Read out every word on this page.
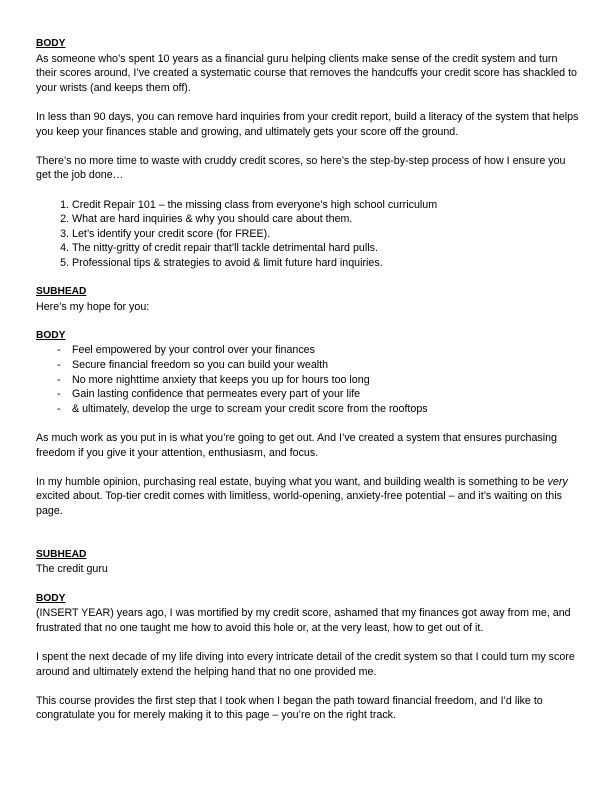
BODY

As someone who’s spent 10 years as a financial guru helping clients make sense of the credit system and turn their scores around, I’ve created a systematic course that removes the handcuffs your credit score has shackled to your wrists (and keeps them off).

In less than 90 days, you can remove hard inquiries from your credit report, build a literacy of the system that helps you keep your finances stable and growing, and ultimately gets your score off the ground.

There’s no more time to waste with cruddy credit scores, so here’s the step-by-step process of how I ensure you get the job done…

1. Credit Repair 101 – the missing class from everyone’s high school curriculum
2. What are hard inquiries & why you should care about them.
3. Let’s identify your credit score (for FREE).
4. The nitty-gritty of credit repair that’ll tackle detrimental hard pulls.
5. Professional tips & strategies to avoid & limit future hard inquiries.
SUBHEAD

Here’s my hope for you:

BODY
- Feel empowered by your control over your finances
- Secure financial freedom so you can build your wealth
- No more nighttime anxiety that keeps you up for hours too long
- Gain lasting confidence that permeates every part of your life
- & ultimately, develop the urge to scream your credit score from the rooftops

As much work as you put in is what you’re going to get out. And I’ve created a system that ensures purchasing freedom if you give it your attention, enthusiasm, and focus.

In my humble opinion, purchasing real estate, buying what you want, and building wealth is something to be very excited about. Top-tier credit comes with limitless, world-opening, anxiety-free potential – and it’s waiting on this page.

SUBHEAD

The credit guru

BODY

(INSERT YEAR) years ago, I was mortified by my credit score, ashamed that my finances got away from me, and frustrated that no one taught me how to avoid this hole or, at the very least, how to get out of it.

I spent the next decade of my life diving into every intricate detail of the credit system so that I could turn my score around and ultimately extend the helping hand that no one provided me.

This course provides the first step that I took when I began the path toward financial freedom, and I’d like to congratulate you for merely making it to this page – you’re on the right track.
